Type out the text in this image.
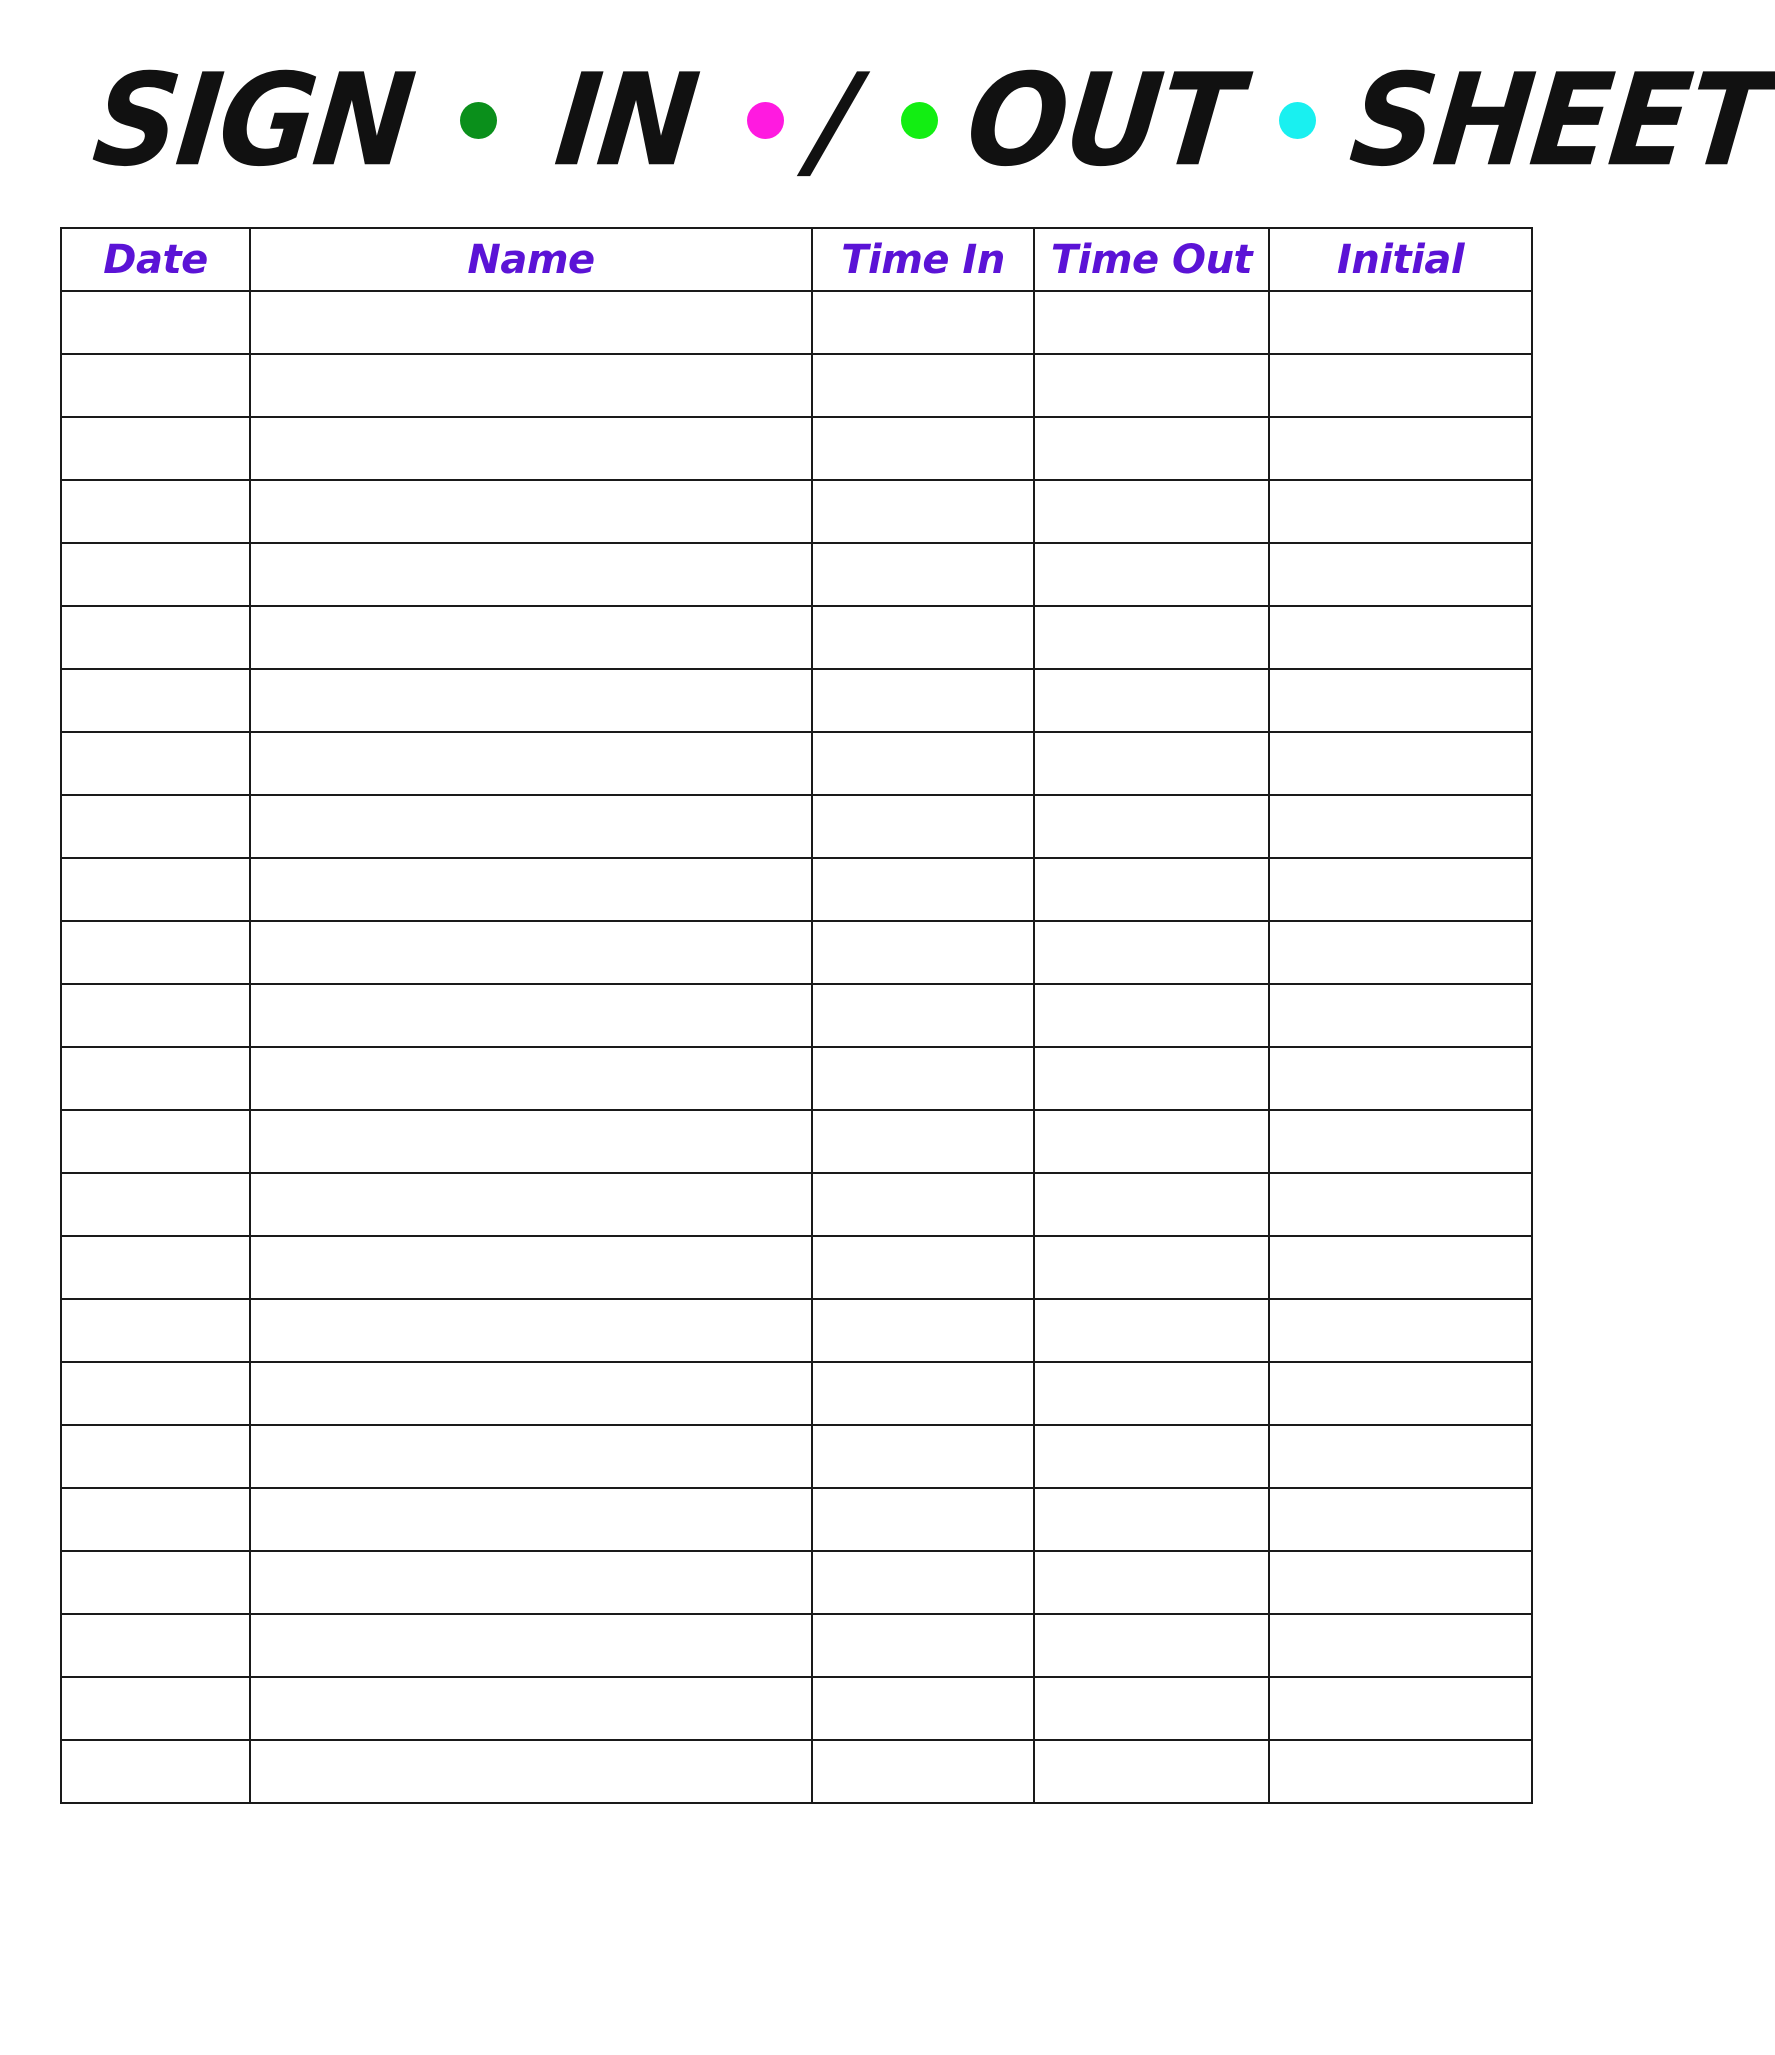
SIGN IN / OUT SHEET
Date	Name	Time In	Time Out	Initial
